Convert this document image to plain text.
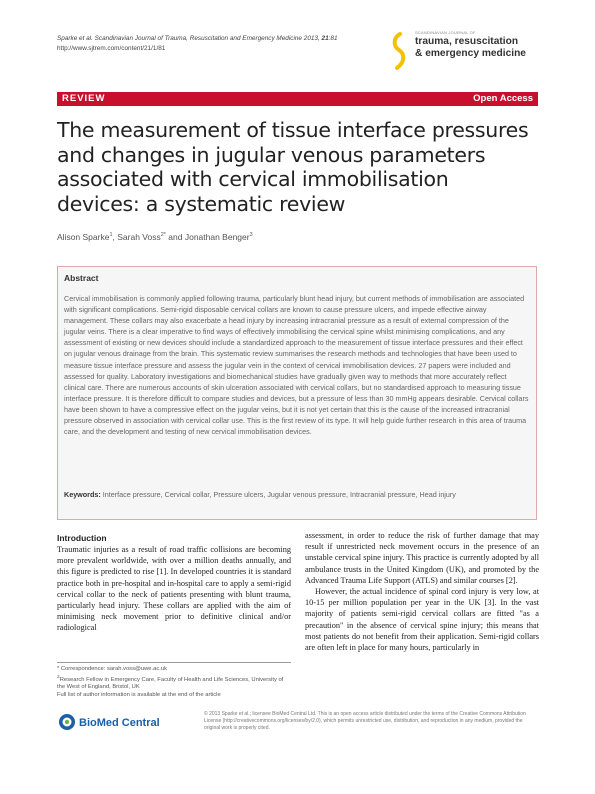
Sparke et al. Scandinavian Journal of Trauma, Resuscitation and Emergency Medicine 2013, 21:81
http://www.sjtrem.com/content/21/1/81
SCANDINAVIAN JOURNAL OF
trauma, resuscitation
& emergency medicine
REVIEW	Open Access
The measurement of tissue interface pressures and changes in jugular venous parameters associated with cervical immobilisation devices: a systematic review
Alison Sparke$^1$, Sarah Voss$^{2*}$ and Jonathan Benger$^3$
Abstract
Cervical immobilisation is commonly applied following trauma, particularly blunt head injury, but current methods of immobilisation are associated with significant complications. Semi-rigid disposable cervical collars are known to cause pressure ulcers, and impede effective airway management. These collars may also exacerbate a head injury by increasing intracranial pressure as a result of external compression of the jugular veins. There is a clear imperative to find ways of effectively immobilising the cervical spine whilst minimising complications, and any assessment of existing or new devices should include a standardized approach to the measurement of tissue interface pressures and their effect on jugular venous drainage from the brain. This systematic review summarises the research methods and technologies that have been used to measure tissue interface pressure and assess the jugular vein in the context of cervical immobilisation devices. 27 papers were included and assessed for quality. Laboratory investigations and biomechanical studies have gradually given way to methods that more accurately reflect clinical care. There are numerous accounts of skin ulceration associated with cervical collars, but no standardised approach to measuring tissue interface pressure. It is therefore difficult to compare studies and devices, but a pressure of less than 30 mmHg appears desirable. Cervical collars have been shown to have a compressive effect on the jugular veins, but it is not yet certain that this is the cause of the increased intracranial pressure observed in association with cervical collar use. This is the first review of its type. It will help guide further research in this area of trauma care, and the development and testing of new cervical immobilisation devices.
Keywords: Interface pressure, Cervical collar, Pressure ulcers, Jugular venous pressure, Intracranial pressure, Head injury
Introduction
Traumatic injuries as a result of road traffic collisions are becoming more prevalent worldwide, with over a million deaths annually, and this figure is predicted to rise [1]. In developed countries it is standard practice both in pre-hospital and in-hospital care to apply a semi-rigid cervical collar to the neck of patients presenting with blunt trauma, particularly head injury. These collars are applied with the aim of minimising neck movement prior to definitive clinical and/or radiological
assessment, in order to reduce the risk of further damage that may result if unrestricted neck movement occurs in the presence of an unstable cervical spine injury. This practice is currently adopted by all ambulance trusts in the United Kingdom (UK), and promoted by the Advanced Trauma Life Support (ATLS) and similar courses [2].
However, the actual incidence of spinal cord injury is very low, at 10-15 per million population per year in the UK [3]. In the vast majority of patients semi-rigid cervical collars are fitted "as a precaution" in the absence of cervical spine injury; this means that most patients do not benefit from their application. Semi-rigid collars are often left in place for many hours, particularly in
* Correspondence: sarah.voss@uwe.ac.uk
$^2$Research Fellow in Emergency Care, Faculty of Health and Life Sciences, University of the West of England, Bristol, UK
Full list of author information is available at the end of the article
BioMed Central
© 2013 Sparke et al.; licensee BioMed Central Ltd. This is an open access article distributed under the terms of the Creative Commons Attribution License (http://creativecommons.org/licenses/by/2.0), which permits unrestricted use, distribution, and reproduction in any medium, provided the original work is properly cited.
